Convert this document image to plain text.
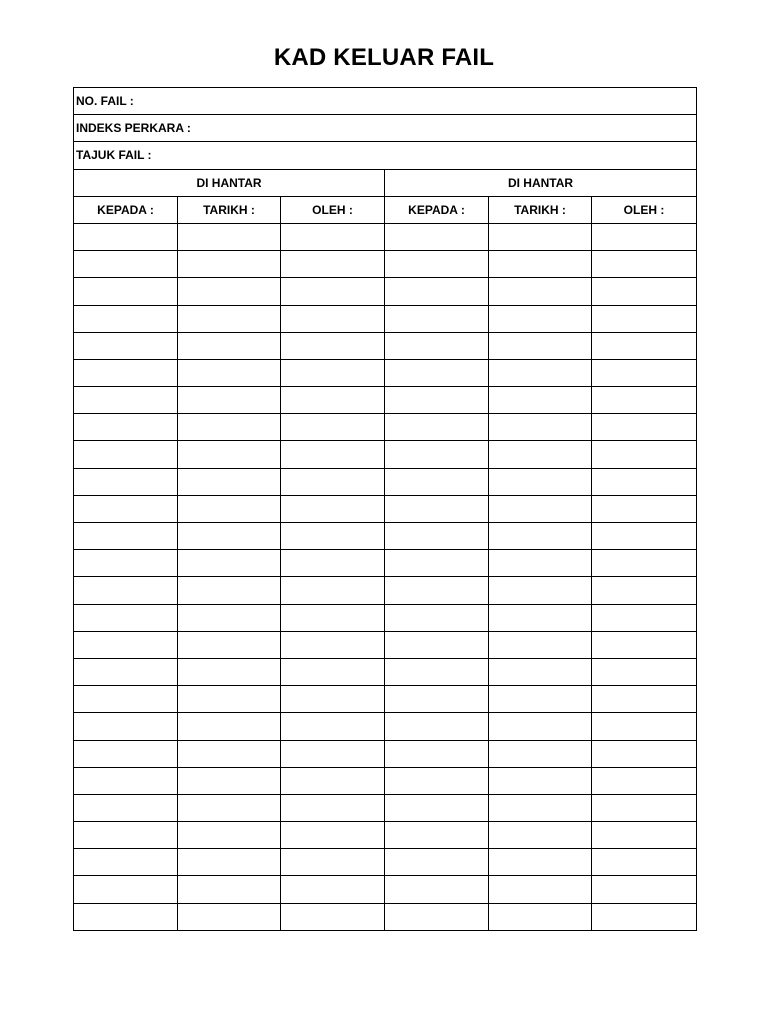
KAD KELUAR FAIL
NO. FAIL :					
INDEKS PERKARA :					
TAJUK FAIL :					
DI HANTAR			DI HANTAR		
KEPADA :	TARIKH :	OLEH :	KEPADA :	TARIKH :	OLEH :
